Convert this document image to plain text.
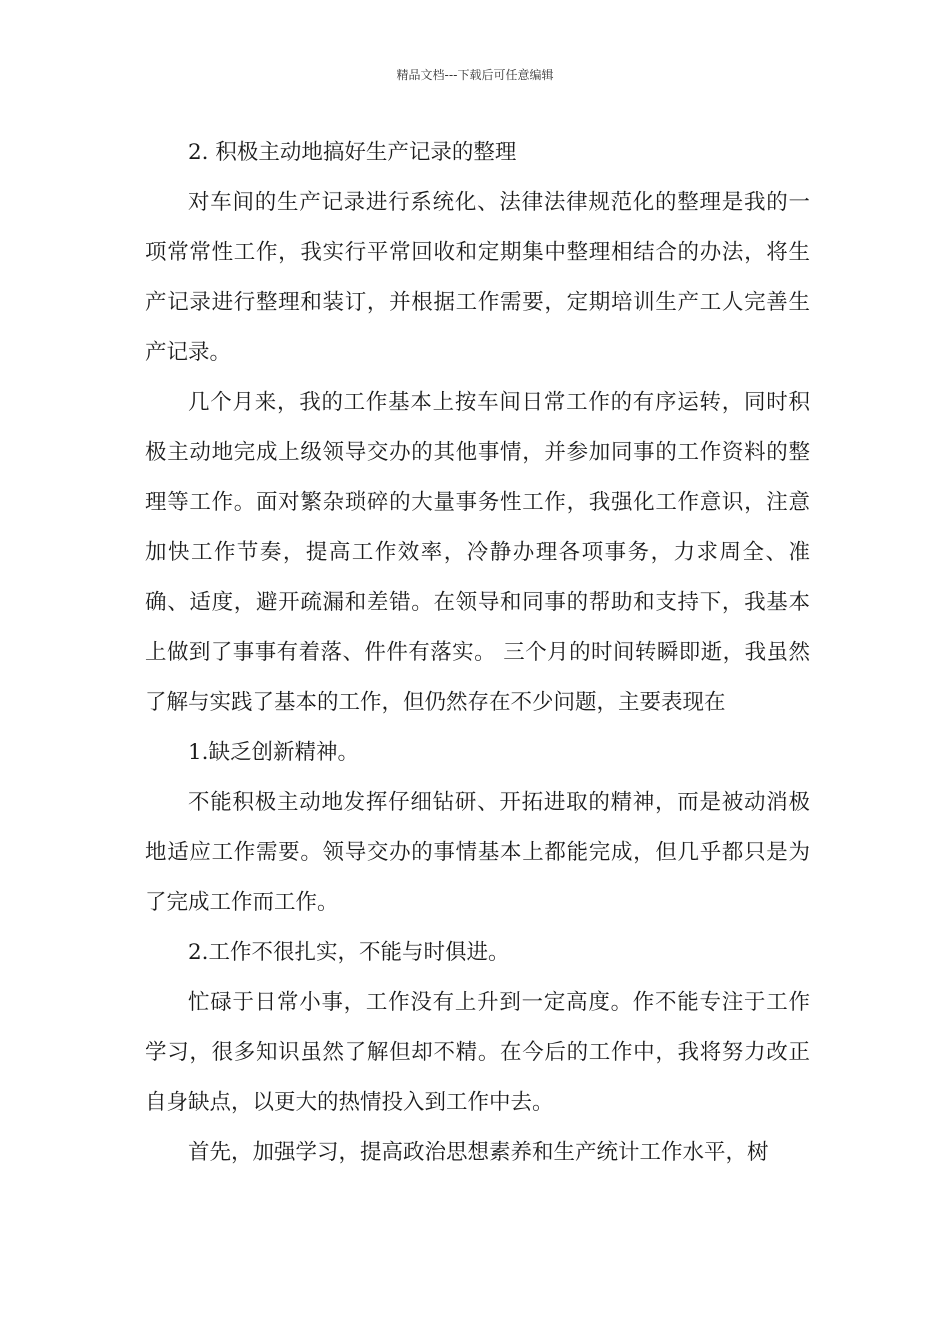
精品文档---下载后可任意编辑

2. 积极主动地搞好生产记录的整理

对车间的生产记录进行系统化、法律法律规范化的整理是我的一项常常性工作，我实行平常回收和定期集中整理相结合的办法，将生产记录进行整理和装订，并根据工作需要，定期培训生产工人完善生产记录。

几个月来，我的工作基本上按车间日常工作的有序运转，同时积极主动地完成上级领导交办的其他事情，并参加同事的工作资料的整理等工作。面对繁杂琐碎的大量事务性工作，我强化工作意识，注意加快工作节奏，提高工作效率，冷静办理各项事务，力求周全、准确、适度，避开疏漏和差错。在领导和同事的帮助和支持下，我基本上做到了事事有着落、件件有落实。 三个月的时间转瞬即逝，我虽然了解与实践了基本的工作，但仍然存在不少问题，主要表现在

1.缺乏创新精神。

不能积极主动地发挥仔细钻研、开拓进取的精神，而是被动消极地适应工作需要。领导交办的事情基本上都能完成，但几乎都只是为了完成工作而工作。

2.工作不很扎实，不能与时俱进。

忙碌于日常小事，工作没有上升到一定高度。作不能专注于工作学习，很多知识虽然了解但却不精。在今后的工作中，我将努力改正自身缺点，以更大的热情投入到工作中去。

首先，加强学习，提高政治思想素养和生产统计工作水平，树
